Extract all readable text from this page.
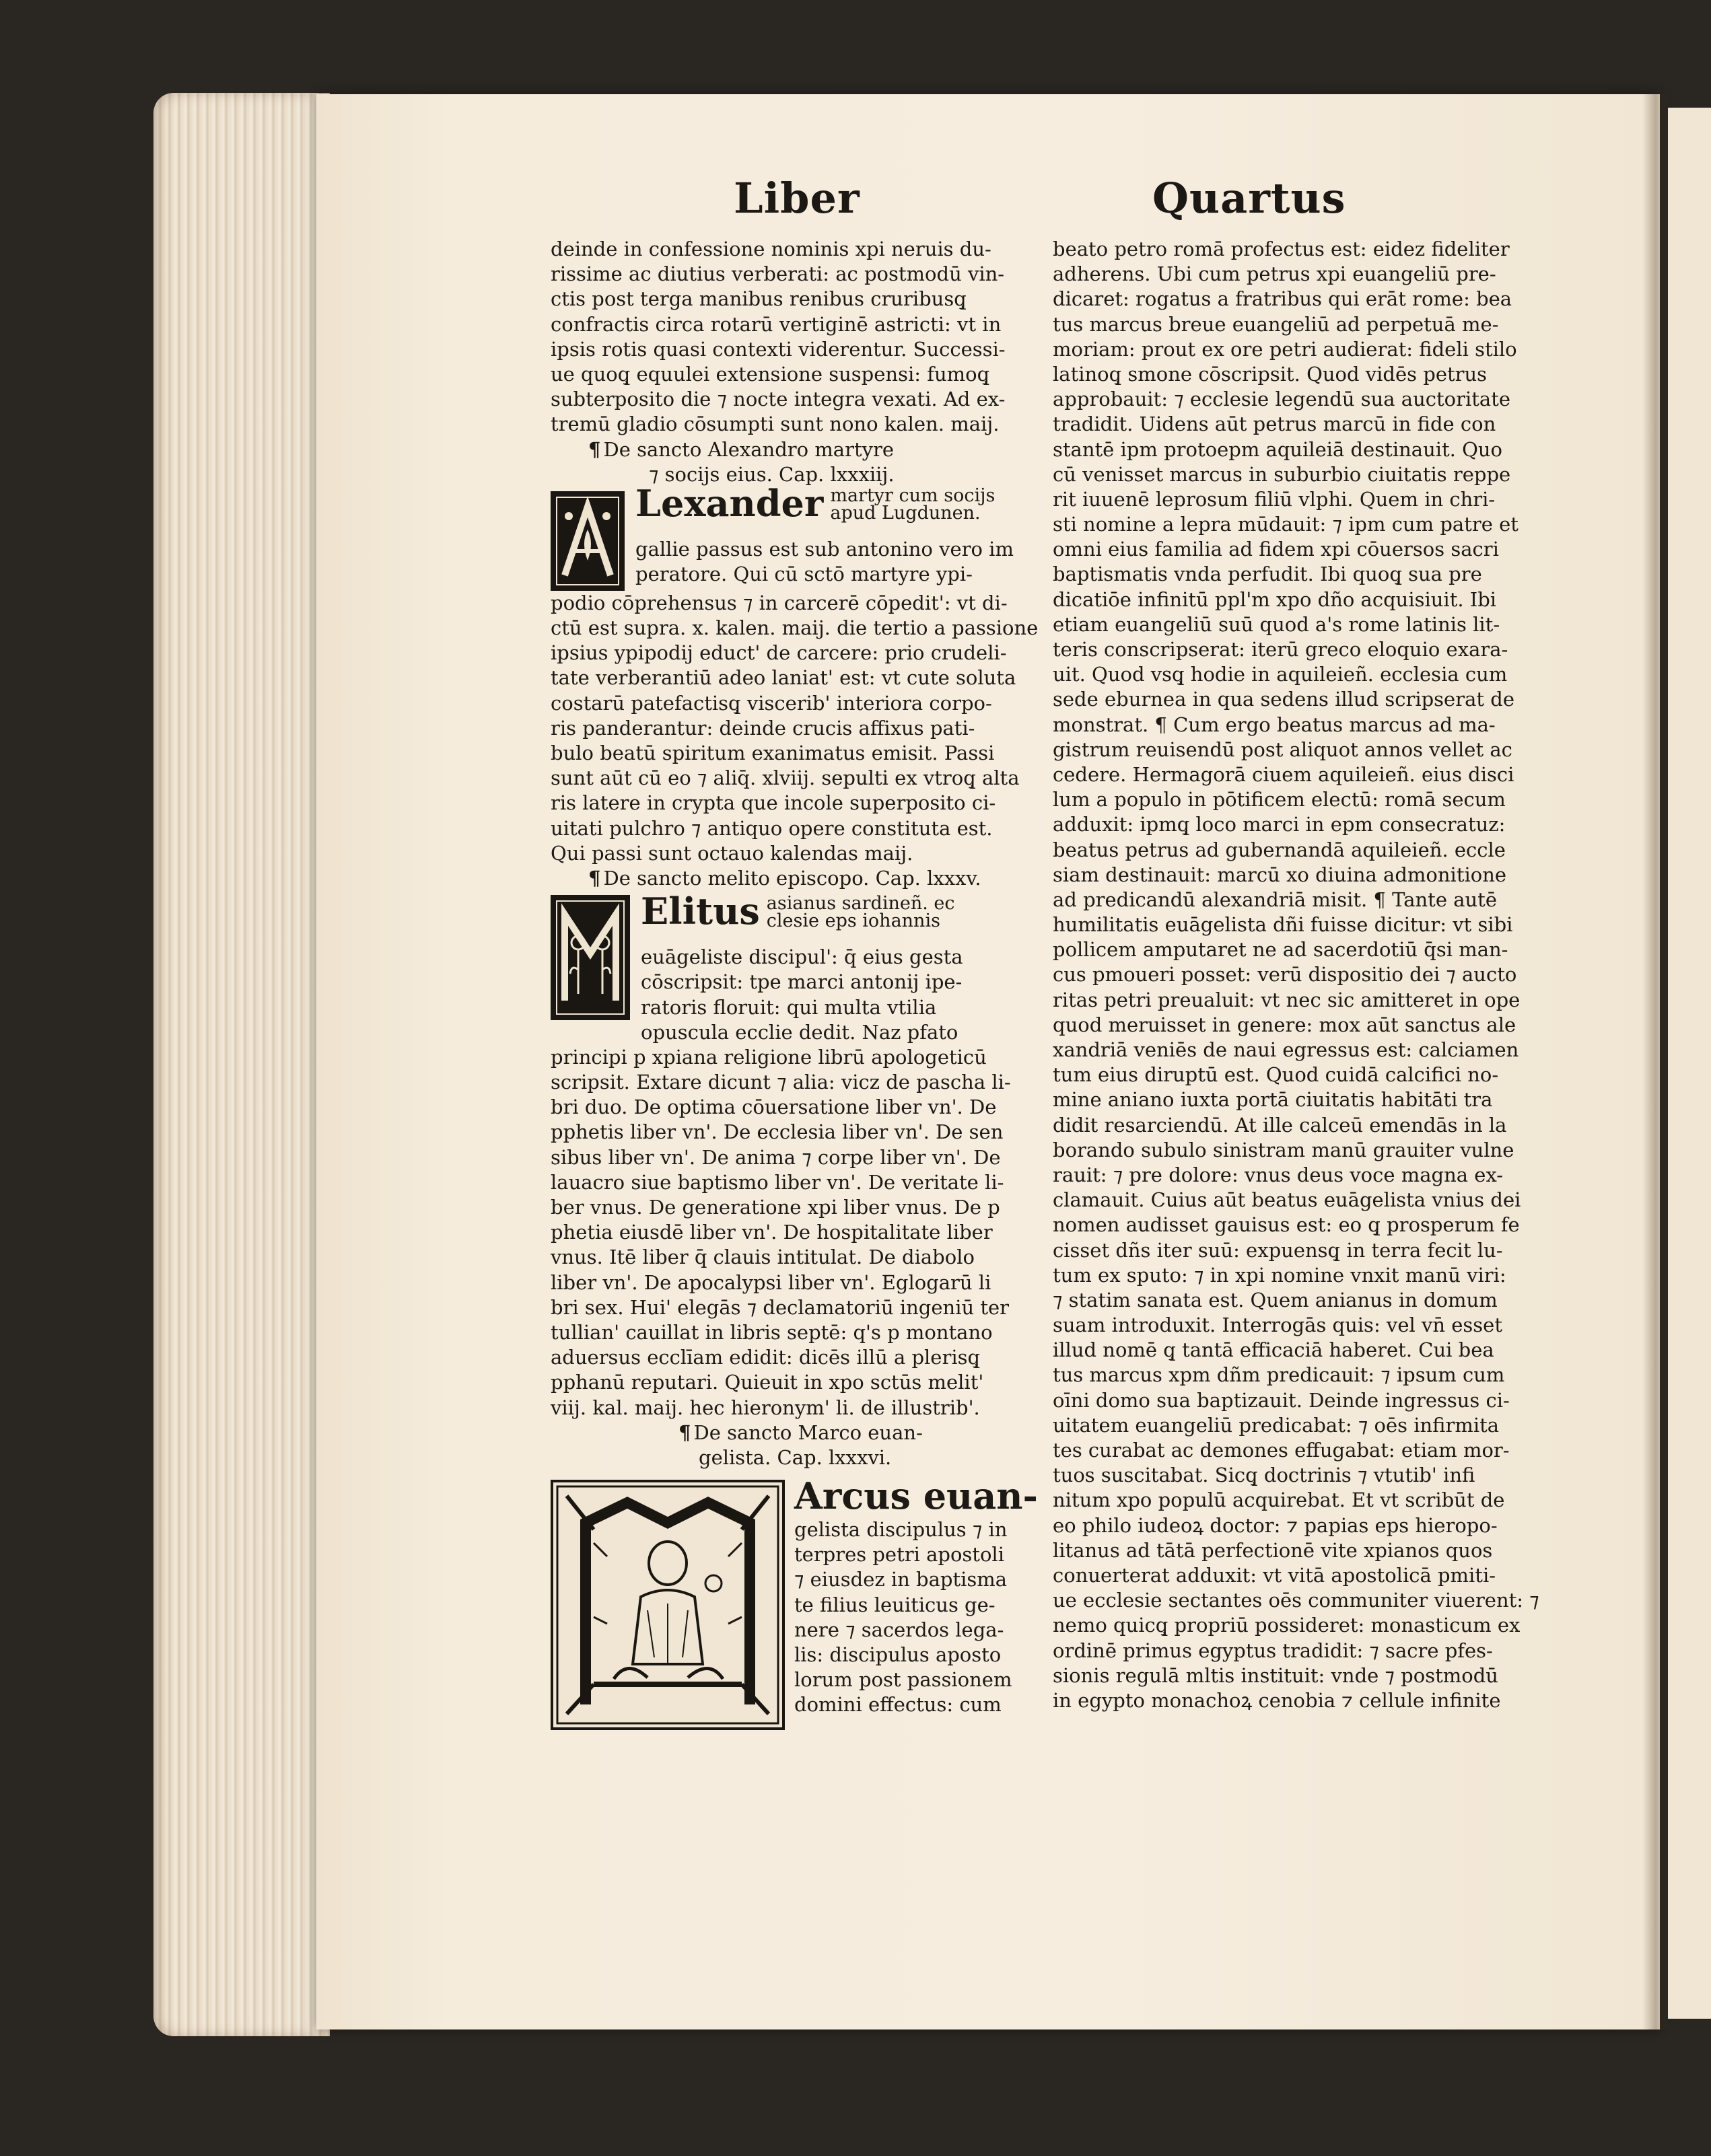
Liber	Quartus
deinde in confessione nominis xpi neruis du-
rissime ac diutius verberati: ac postmodū vin-
ctis post terga manibus renibus cruribusq̧
confractis circa rotarū vertiginē astricti: vt in
ipsis rotis quasi contexti viderentur. Successi-
ue quoq̧ equulei extensione suspensi: fumoq̧
subterposito die ⁊ nocte integra vexati. Ad ex-
tremū gladio cōsumpti sunt nono kalen. maij.
¶ De sancto Alexandro martyre
⁊ socijs eius. Cap. lxxxiij.
Lexander martyr cum socijs
apud Lugdunen.
gallie passus est sub antonino vero im
peratore. Qui cū sctō martyre ypi-
podio cōprehensus ⁊ in carcerē cōpedit': vt di-
ctū est supra. x. kalen. maij. die tertio a passione
ipsius ypipodij educt' de carcere: prio crudeli-
tate verberantiū adeo laniat' est: vt cute soluta
costarū patefactisq̧ viscerib' interiora corpo-
ris panderantur: deinde crucis affixus pati-
bulo beatū spiritum exanimatus emisit. Passi
sunt aūt cū eo ⁊ aliq̄. xlviij. sepulti ex vtroq̧ alta
ris latere in crypta que incole superposito ci-
uitati pulchro ⁊ antiquo opere constituta est.
Qui passi sunt octauo kalendas maij.
¶ De sancto melito episcopo. Cap. lxxxv.
Elitus asianus sardineñ. ec
clesie eps iohannis
euāgeliste discipul': q̄ eius gesta
cōscripsit: tpe marci antonij ipe-
ratoris floruit: qui multa vtilia
opuscula ecclie dedit. Naz pfato
principi p xpiana religione librū apologeticū
scripsit. Extare dicunt ⁊ alia: vicz de pascha li-
bri duo. De optima cōuersatione liber vn'. De
pphetis liber vn'. De ecclesia liber vn'. De sen
sibus liber vn'. De anima ⁊ corpe liber vn'. De
lauacro siue baptismo liber vn'. De veritate li-
ber vnus. De generatione xpi liber vnus. De p
phetia eiusdē liber vn'. De hospitalitate liber
vnus. Itē liber q̄ clauis intitulat. De diabolo
liber vn'. De apocalypsi liber vn'. Eglogarū li
bri sex. Hui' elegās ⁊ declamatoriū ingeniū ter
tullian' cauillat in libris septē: q's p montano
aduersus ecclīam edidit: dicēs illū a plerisq̧
pphanū reputari. Quieuit in xpo sctūs melit'
viij. kal. maij. hec hieronym' li. de illustrib'.
¶ De sancto Marco euan-
gelista. Cap. lxxxvi.
Arcus euan-
gelista discipulus ⁊ in
terpres petri apostoli
⁊ eiusdez in baptisma
te filius leuiticus ge-
nere ⁊ sacerdos lega-
lis: discipulus aposto
lorum post passionem
domini effectus: cum
beato petro romā profectus est: eidez fideliter
adherens. Ubi cum petrus xpi euangeliū pre-
dicaret: rogatus a fratribus qui erāt rome: bea
tus marcus breue euangeliū ad perpetuā me-
moriam: prout ex ore petri audierat: fideli stilo
latinoq̧ smone cōscripsit. Quod vidēs petrus
approbauit: ⁊ ecclesie legendū sua auctoritate
tradidit. Uidens aūt petrus marcū in fide con
stantē ipm protoepm aquileiā destinauit. Quo
cū venisset marcus in suburbio ciuitatis reppe
rit iuuenē leprosum filiū vlphi. Quem in chri-
sti nomine a lepra mūdauit: ⁊ ipm cum patre et
omni eius familia ad fidem xpi cōuersos sacri
baptismatis vnda perfudit. Ibi quoq̧ sua pre
dicatiōe infinitū ppl'm xpo dño acquisiuit. Ibi
etiam euangeliū suū quod a's rome latinis lit-
teris conscripserat: iterū greco eloquio exara-
uit. Quod vsq̧ hodie in aquileieñ. ecclesia cum
sede eburnea in qua sedens illud scripserat de
monstrat. ¶ Cum ergo beatus marcus ad ma-
gistrum reuisendū post aliquot annos vellet ac
cedere. Hermagorā ciuem aquileieñ. eius disci
lum a populo in pōtificem electū: romā secum
adduxit: ipmq̧ loco marci in epm consecratuz:
beatus petrus ad gubernandā aquileieñ. eccle
siam destinauit: marcū xo diuina admonitione
ad predicandū alexandriā misit. ¶ Tante autē
humilitatis euāgelista dñi fuisse dicitur: vt sibi
pollicem amputaret ne ad sacerdotiū q̄si man-
cus pmoueri posset: verū dispositio dei ⁊ aucto
ritas petri preualuit: vt nec sic amitteret in ope
quod meruisset in genere: mox aūt sanctus ale
xandriā veniēs de naui egressus est: calciamen
tum eius diruptū est. Quod cuidā calcifici no-
mine aniano iuxta portā ciuitatis habitāti tra
didit resarciendū. At ille calceū emendās in la
borando subulo sinistram manū grauiter vulne
rauit: ⁊ pre dolore: vnus deus voce magna ex-
clamauit. Cuius aūt beatus euāgelista vnius dei
nomen audisset gauisus est: eo q̧ prosperum fe
cisset dñs iter suū: expuensq̧ in terra fecit lu-
tum ex sputo: ⁊ in xpi nomine vnxit manū viri:
⁊ statim sanata est. Quem anianus in domum
suam introduxit. Interrogās quis: vel vn̄ esset
illud nomē q̧ tantā efficaciā haberet. Cui bea
tus marcus xpm dñm predicauit: ⁊ ipsum cum
oīni domo sua baptizauit. Deinde ingressus ci-
uitatem euangeliū predicabat: ⁊ oēs infirmita
tes curabat ac demones effugabat: etiam mor-
tuos suscitabat. Sicq̧ doctrinis ⁊ vtutib' infi
nitum xpo populū acquirebat. Et vt scribūt de
eo philo iudeoꝝ doctor: ⁊ papias eps hieropo-
litanus ad tātā perfectionē vite xpianos quos
conuerterat adduxit: vt vitā apostolicā pmiti-
ue ecclesie sectantes oēs communiter viuerent: ⁊
nemo quicq̧ propriū possideret: monasticum ex
ordinē primus egyptus tradidit: ⁊ sacre pfes-
sionis regulā mltis instituit: vnde ⁊ postmodū
in egypto monachoꝝ cenobia ⁊ cellule infinite
